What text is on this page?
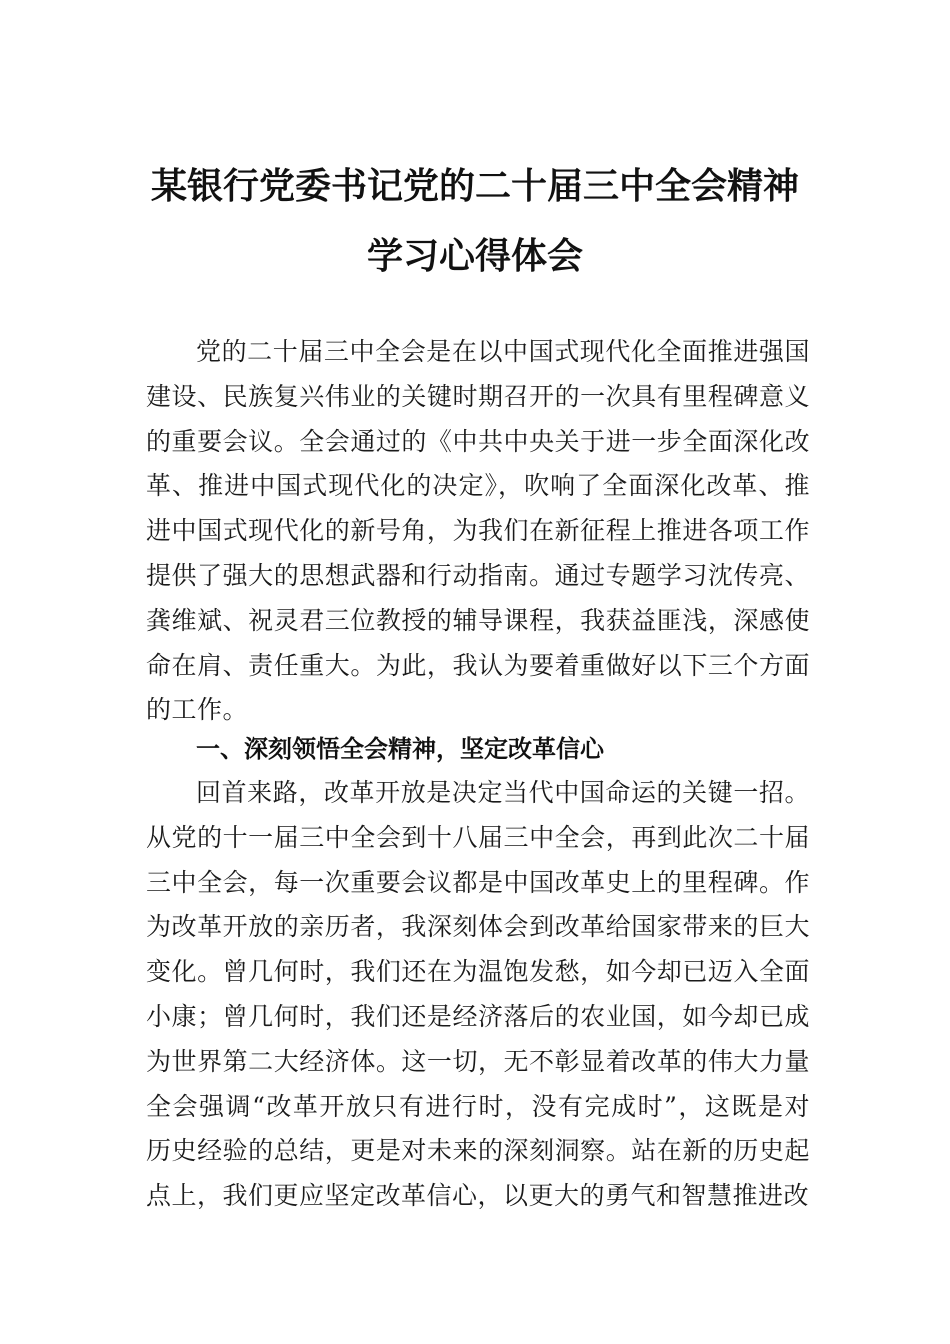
某银行党委书记党的二十届三中全会精神
学习心得体会

党的二十届三中全会是在以中国式现代化全面推进强国建设、民族复兴伟业的关键时期召开的一次具有里程碑意义的重要会议。全会通过的《中共中央关于进一步全面深化改革、推进中国式现代化的决定》，吹响了全面深化改革、推进中国式现代化的新号角，为我们在新征程上推进各项工作提供了强大的思想武器和行动指南。通过专题学习沈传亮、龚维斌、祝灵君三位教授的辅导课程，我获益匪浅，深感使命在肩、责任重大。为此，我认为要着重做好以下三个方面的工作。

一、深刻领悟全会精神，坚定改革信心

回首来路，改革开放是决定当代中国命运的关键一招。从党的十一届三中全会到十八届三中全会，再到此次二十届三中全会，每一次重要会议都是中国改革史上的里程碑。作为改革开放的亲历者，我深刻体会到改革给国家带来的巨大变化。曾几何时，我们还在为温饱发愁，如今却已迈入全面小康；曾几何时，我们还是经济落后的农业国，如今却已成为世界第二大经济体。这一切，无不彰显着改革的伟大力量全会强调“改革开放只有进行时，没有完成时”，这既是对历史经验的总结，更是对未来的深刻洞察。站在新的历史起点上，我们更应坚定改革信心，以更大的勇气和智慧推进改
